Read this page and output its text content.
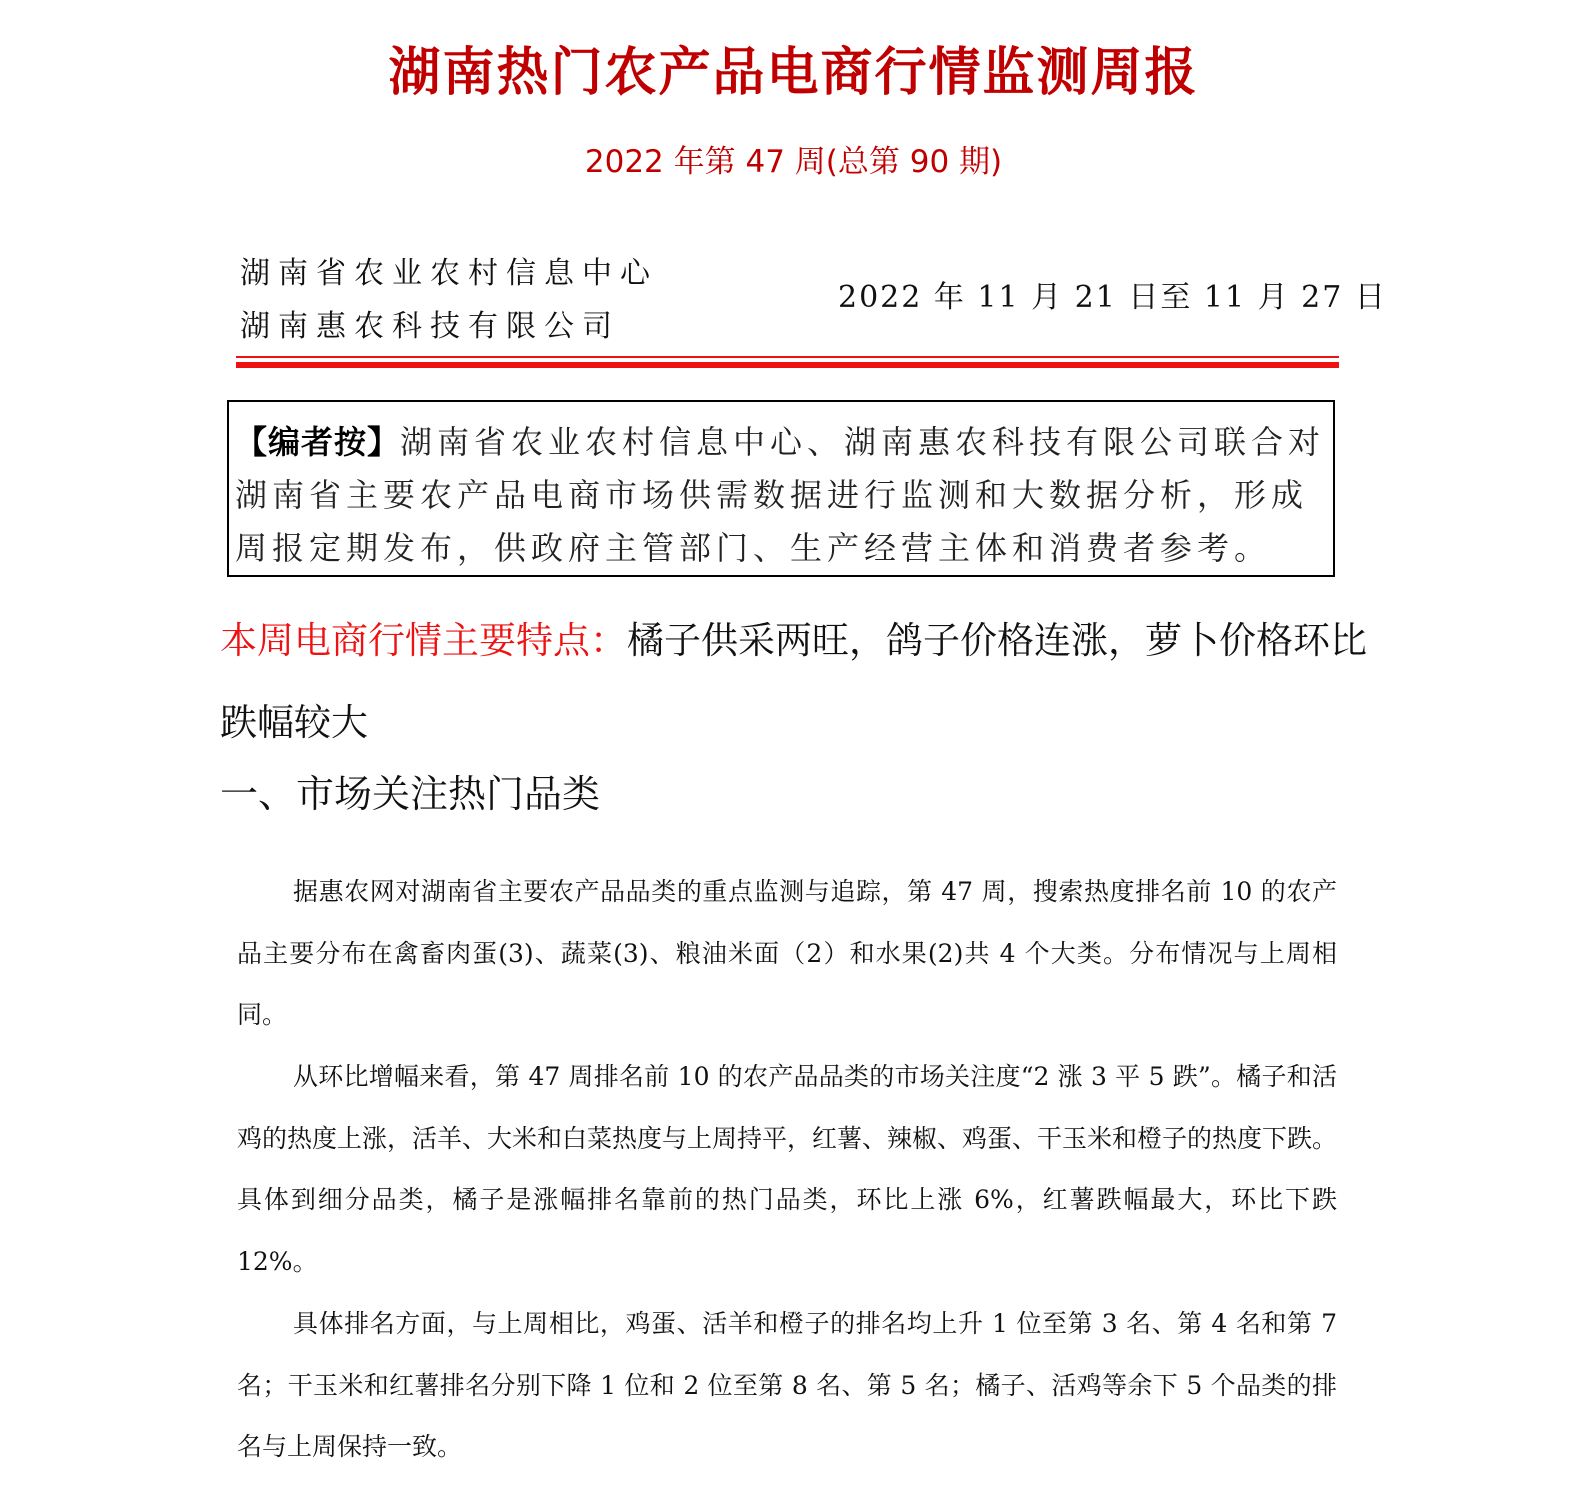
湖南热门农产品电商行情监测周报
2022 年第 47 周(总第 90 期)
湖南省农业农村信息中心
湖南惠农科技有限公司
2022 年 11 月 21 日至 11 月 27 日
【编者按】湖南省农业农村信息中心、湖南惠农科技有限公司联合对湖南省主要农产品电商市场供需数据进行监测和大数据分析，形成周报定期发布，供政府主管部门、生产经营主体和消费者参考。
本周电商行情主要特点：橘子供采两旺，鸽子价格连涨，萝卜价格环比跌幅较大
一、市场关注热门品类

据惠农网对湖南省主要农产品品类的重点监测与追踪，第 47 周，搜索热度排名前 10 的农产品主要分布在禽畜肉蛋(3)、蔬菜(3)、粮油米面（2）和水果(2)共 4 个大类。分布情况与上周相同。

从环比增幅来看，第 47 周排名前 10 的农产品品类的市场关注度“2 涨 3 平 5 跌”。橘子和活鸡的热度上涨，活羊、大米和白菜热度与上周持平，红薯、辣椒、鸡蛋、干玉米和橙子的热度下跌。具体到细分品类，橘子是涨幅排名靠前的热门品类，环比上涨 6%，红薯跌幅最大，环比下跌 12%。

具体排名方面，与上周相比，鸡蛋、活羊和橙子的排名均上升 1 位至第 3 名、第 4 名和第 7 名；干玉米和红薯排名分别下降 1 位和 2 位至第 8 名、第 5 名；橘子、活鸡等余下 5 个品类的排名与上周保持一致。
